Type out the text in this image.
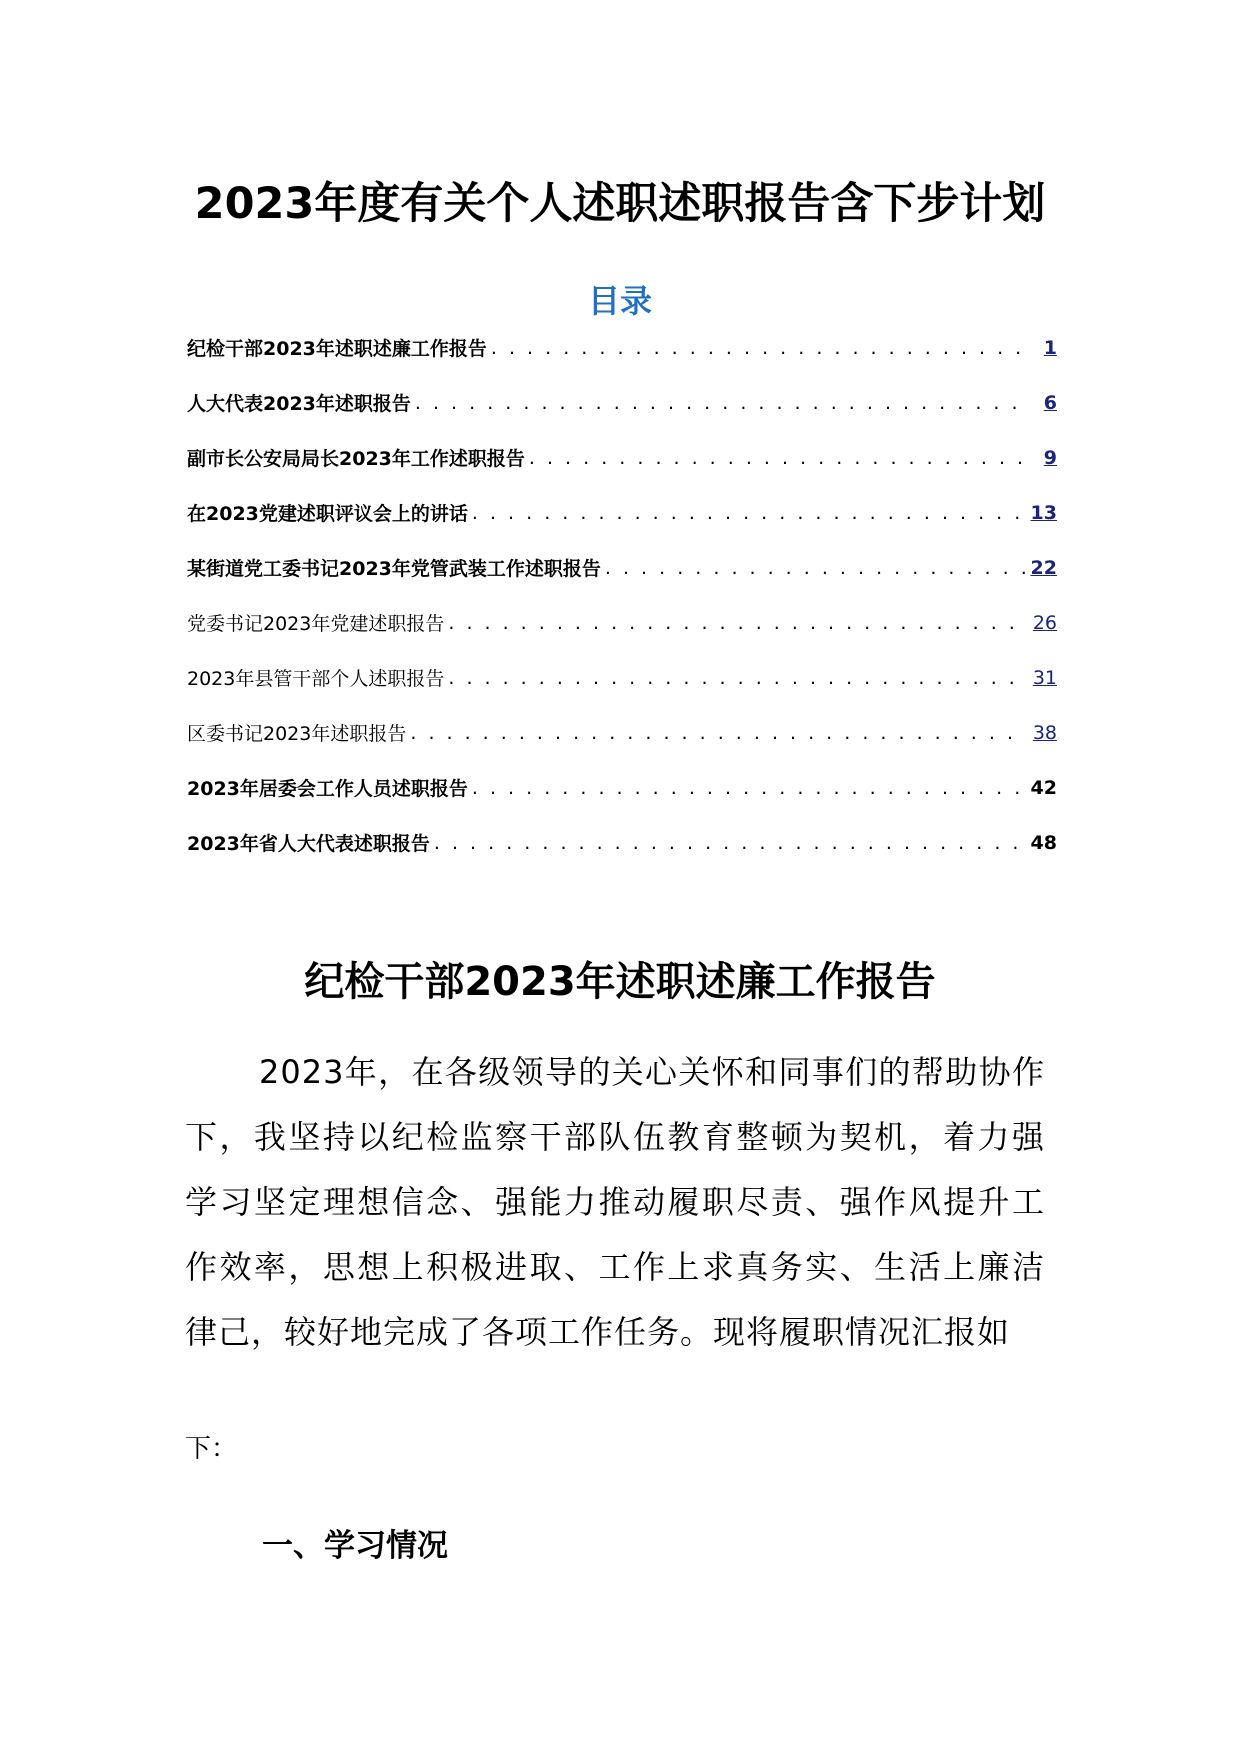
2023年度有关个人述职述职报告含下步计划
目录
纪检干部2023年述职述廉工作报告 . . .	1
人大代表2023年述职报告 . . .	6
副市长公安局局长2023年工作述职报告 . . .	9
在2023党建述职评议会上的讲话 . . .	13
某街道党工委书记2023年党管武装工作述职报告 . . .	22
党委书记2023年党建述职报告 . . .	26
2023年县管干部个人述职报告 . . .	31
区委书记2023年述职报告 . . .	38
2023年居委会工作人员述职报告 . . .	42
2023年省人大代表述职报告 . . .	48
纪检干部2023年述职述廉工作报告

2023年，在各级领导的关心关怀和同事们的帮助协作 下，我坚持以纪检监察干部队伍教育整顿为契机，着力强 学习坚定理想信念、强能力推动履职尽责、强作风提升工 作效率，思想上积极进取、工作上求真务实、生活上廉洁 律己，较好地完成了各项工作任务。现将履职情况汇报如

下：

一、学习情况
